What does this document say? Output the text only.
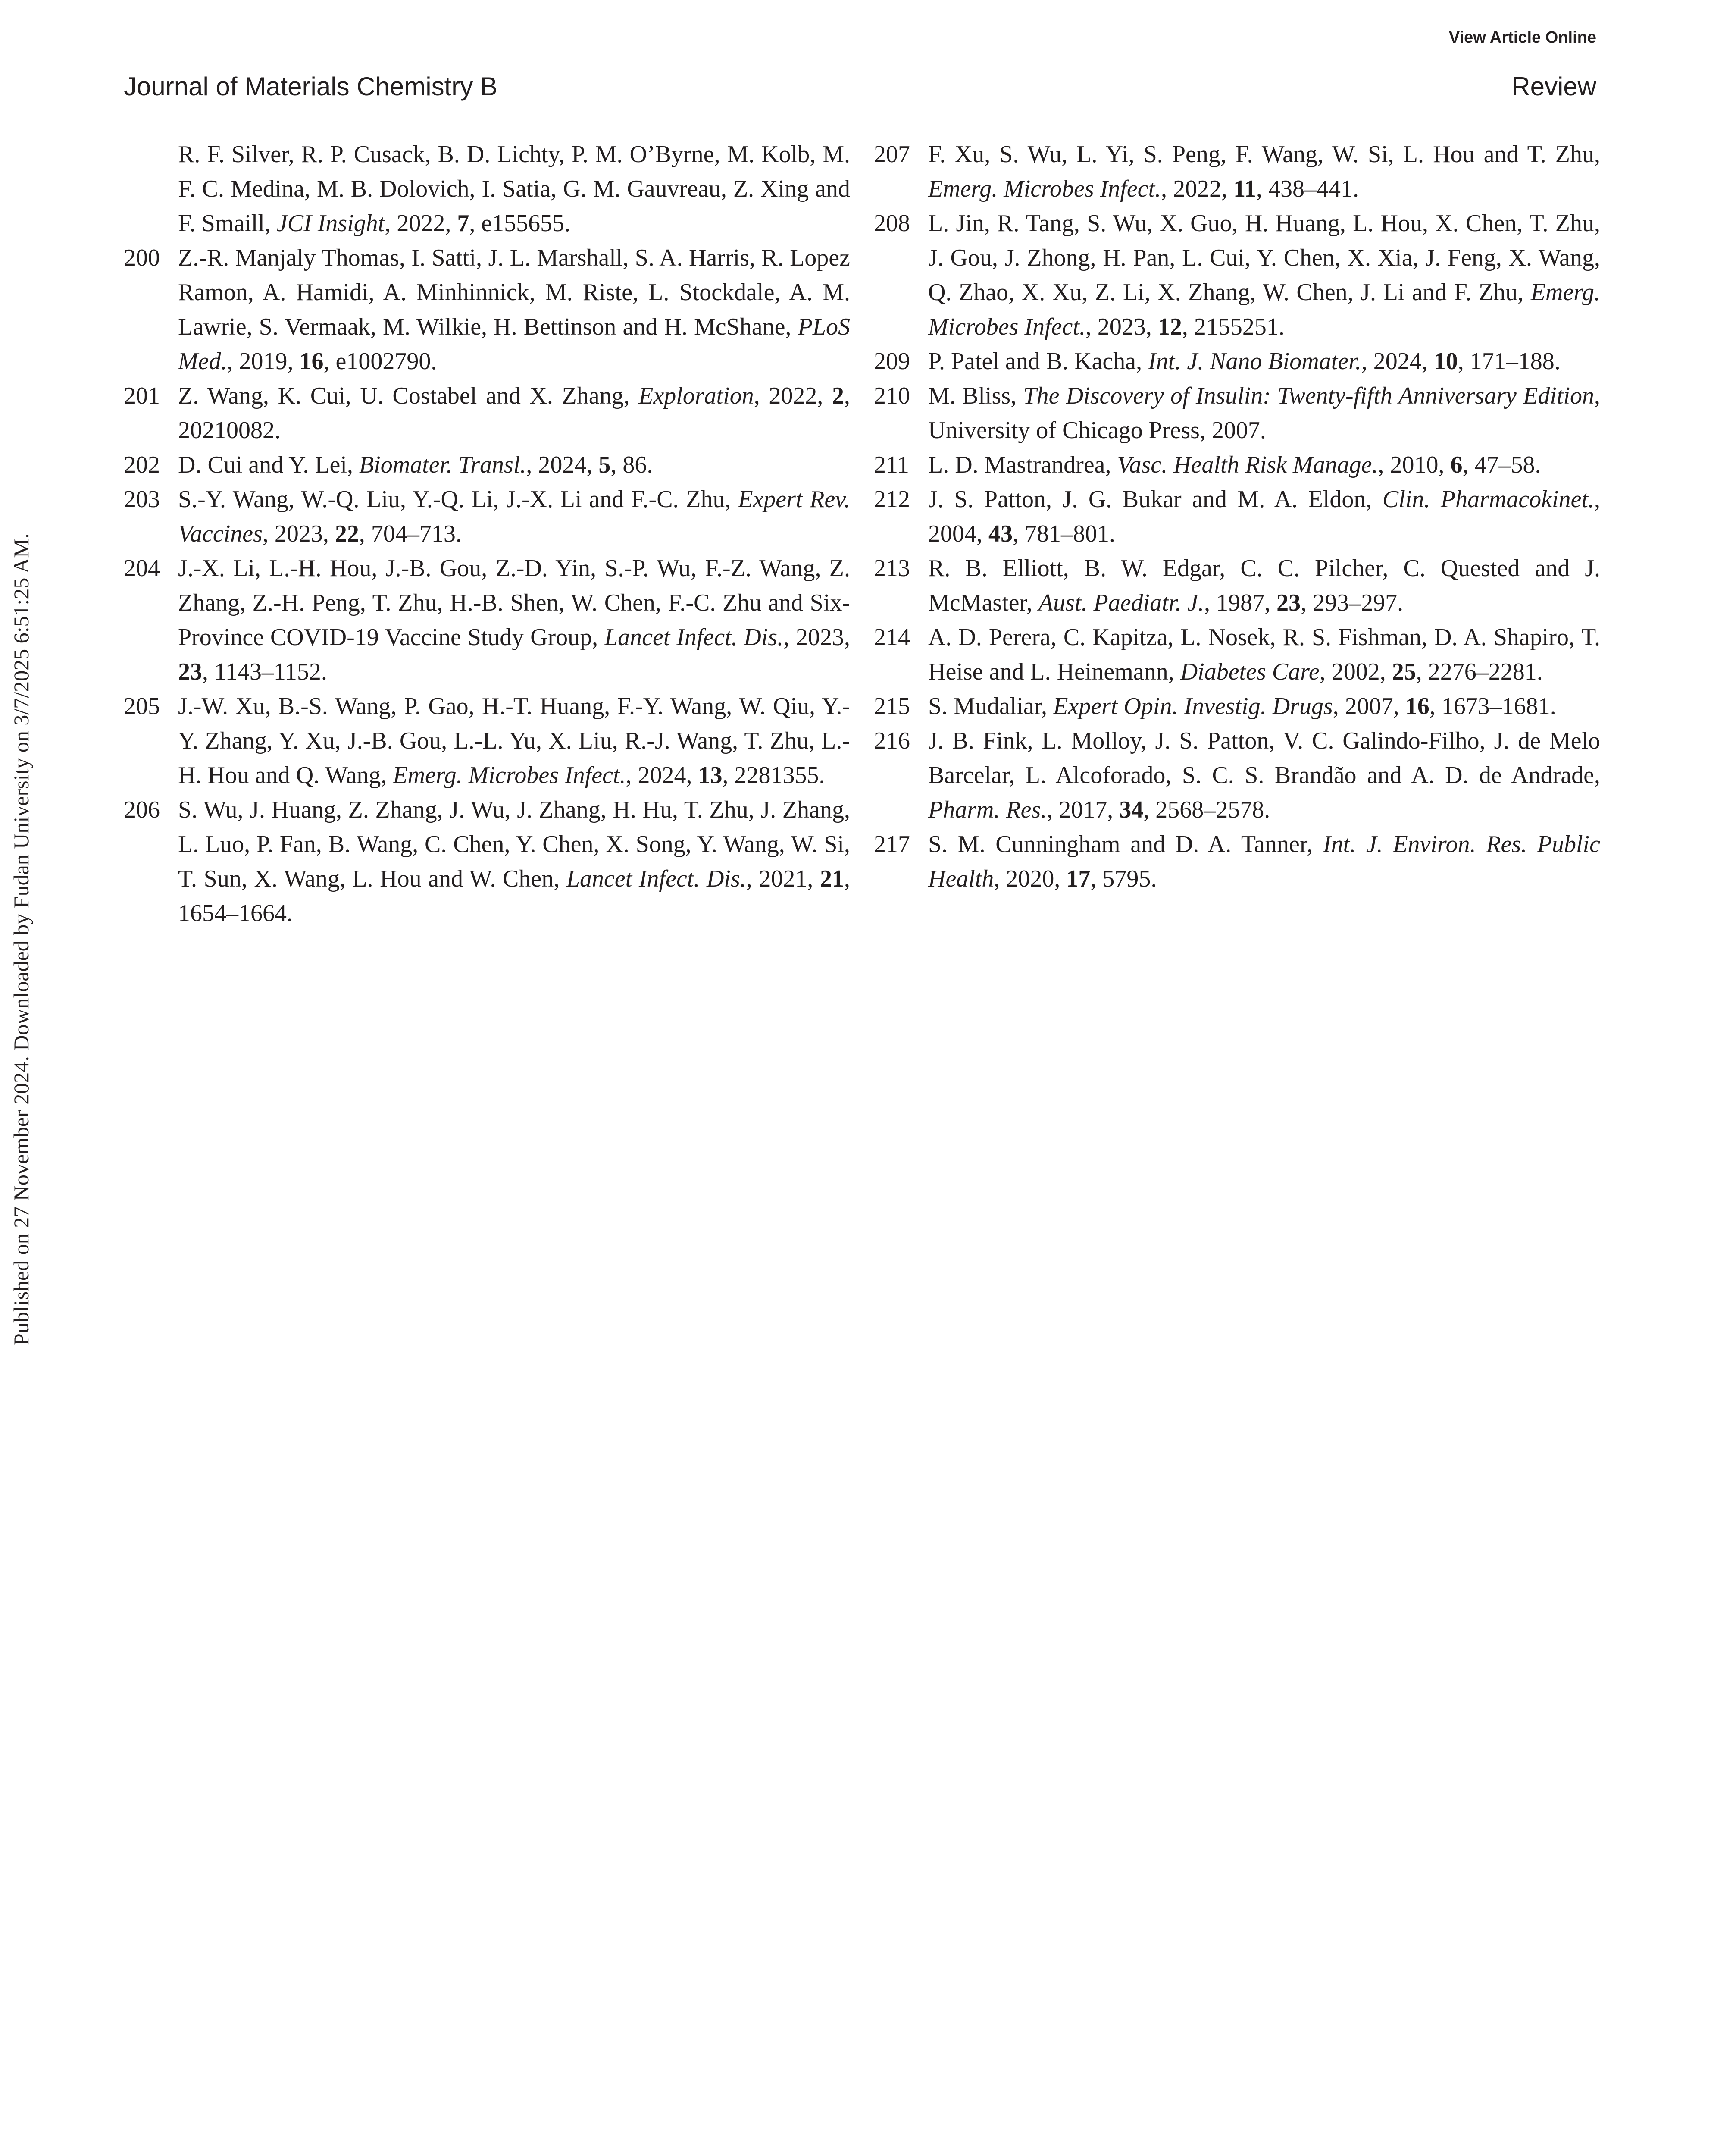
View Article Online
Journal of Materials Chemistry B	Review
Published on 27 November 2024. Downloaded by Fudan University on 3/7/2025 6:51:25 AM.
R. F. Silver, R. P. Cusack, B. D. Lichty, P. M. O’Byrne, M. Kolb, M. F. C. Medina, M. B. Dolovich, I. Satia, G. M. Gauvreau, Z. Xing and F. Smaill, JCI Insight, 2022, 7, e155655.
200 Z.-R. Manjaly Thomas, I. Satti, J. L. Marshall, S. A. Harris, R. Lopez Ramon, A. Hamidi, A. Minhinnick, M. Riste, L. Stockdale, A. M. Lawrie, S. Vermaak, M. Wilkie, H. Bettinson and H. McShane, PLoS Med., 2019, 16, e1002790.
201 Z. Wang, K. Cui, U. Costabel and X. Zhang, Exploration, 2022, 2, 20210082.
202 D. Cui and Y. Lei, Biomater. Transl., 2024, 5, 86.
203 S.-Y. Wang, W.-Q. Liu, Y.-Q. Li, J.-X. Li and F.-C. Zhu, Expert Rev. Vaccines, 2023, 22, 704–713.
204 J.-X. Li, L.-H. Hou, J.-B. Gou, Z.-D. Yin, S.-P. Wu, F.-Z. Wang, Z. Zhang, Z.-H. Peng, T. Zhu, H.-B. Shen, W. Chen, F.-C. Zhu and Six-Province COVID-19 Vaccine Study Group, Lancet Infect. Dis., 2023, 23, 1143–1152.
205 J.-W. Xu, B.-S. Wang, P. Gao, H.-T. Huang, F.-Y. Wang, W. Qiu, Y.-Y. Zhang, Y. Xu, J.-B. Gou, L.-L. Yu, X. Liu, R.-J. Wang, T. Zhu, L.-H. Hou and Q. Wang, Emerg. Microbes Infect., 2024, 13, 2281355.
206 S. Wu, J. Huang, Z. Zhang, J. Wu, J. Zhang, H. Hu, T. Zhu, J. Zhang, L. Luo, P. Fan, B. Wang, C. Chen, Y. Chen, X. Song, Y. Wang, W. Si, T. Sun, X. Wang, L. Hou and W. Chen, Lancet Infect. Dis., 2021, 21, 1654–1664.
207 F. Xu, S. Wu, L. Yi, S. Peng, F. Wang, W. Si, L. Hou and T. Zhu, Emerg. Microbes Infect., 2022, 11, 438–441.
208 L. Jin, R. Tang, S. Wu, X. Guo, H. Huang, L. Hou, X. Chen, T. Zhu, J. Gou, J. Zhong, H. Pan, L. Cui, Y. Chen, X. Xia, J. Feng, X. Wang, Q. Zhao, X. Xu, Z. Li, X. Zhang, W. Chen, J. Li and F. Zhu, Emerg. Microbes Infect., 2023, 12, 2155251.
209 P. Patel and B. Kacha, Int. J. Nano Biomater., 2024, 10, 171–188.
210 M. Bliss, The Discovery of Insulin: Twenty-fifth Anniversary Edition, University of Chicago Press, 2007.
211 L. D. Mastrandrea, Vasc. Health Risk Manage., 2010, 6, 47–58.
212 J. S. Patton, J. G. Bukar and M. A. Eldon, Clin. Pharmacokinet., 2004, 43, 781–801.
213 R. B. Elliott, B. W. Edgar, C. C. Pilcher, C. Quested and J. McMaster, Aust. Paediatr. J., 1987, 23, 293–297.
214 A. D. Perera, C. Kapitza, L. Nosek, R. S. Fishman, D. A. Shapiro, T. Heise and L. Heinemann, Diabetes Care, 2002, 25, 2276–2281.
215 S. Mudaliar, Expert Opin. Investig. Drugs, 2007, 16, 1673–1681.
216 J. B. Fink, L. Molloy, J. S. Patton, V. C. Galindo-Filho, J. de Melo Barcelar, L. Alcoforado, S. C. S. Brandão and A. D. de Andrade, Pharm. Res., 2017, 34, 2568–2578.
217 S. M. Cunningham and D. A. Tanner, Int. J. Environ. Res. Public Health, 2020, 17, 5795.
